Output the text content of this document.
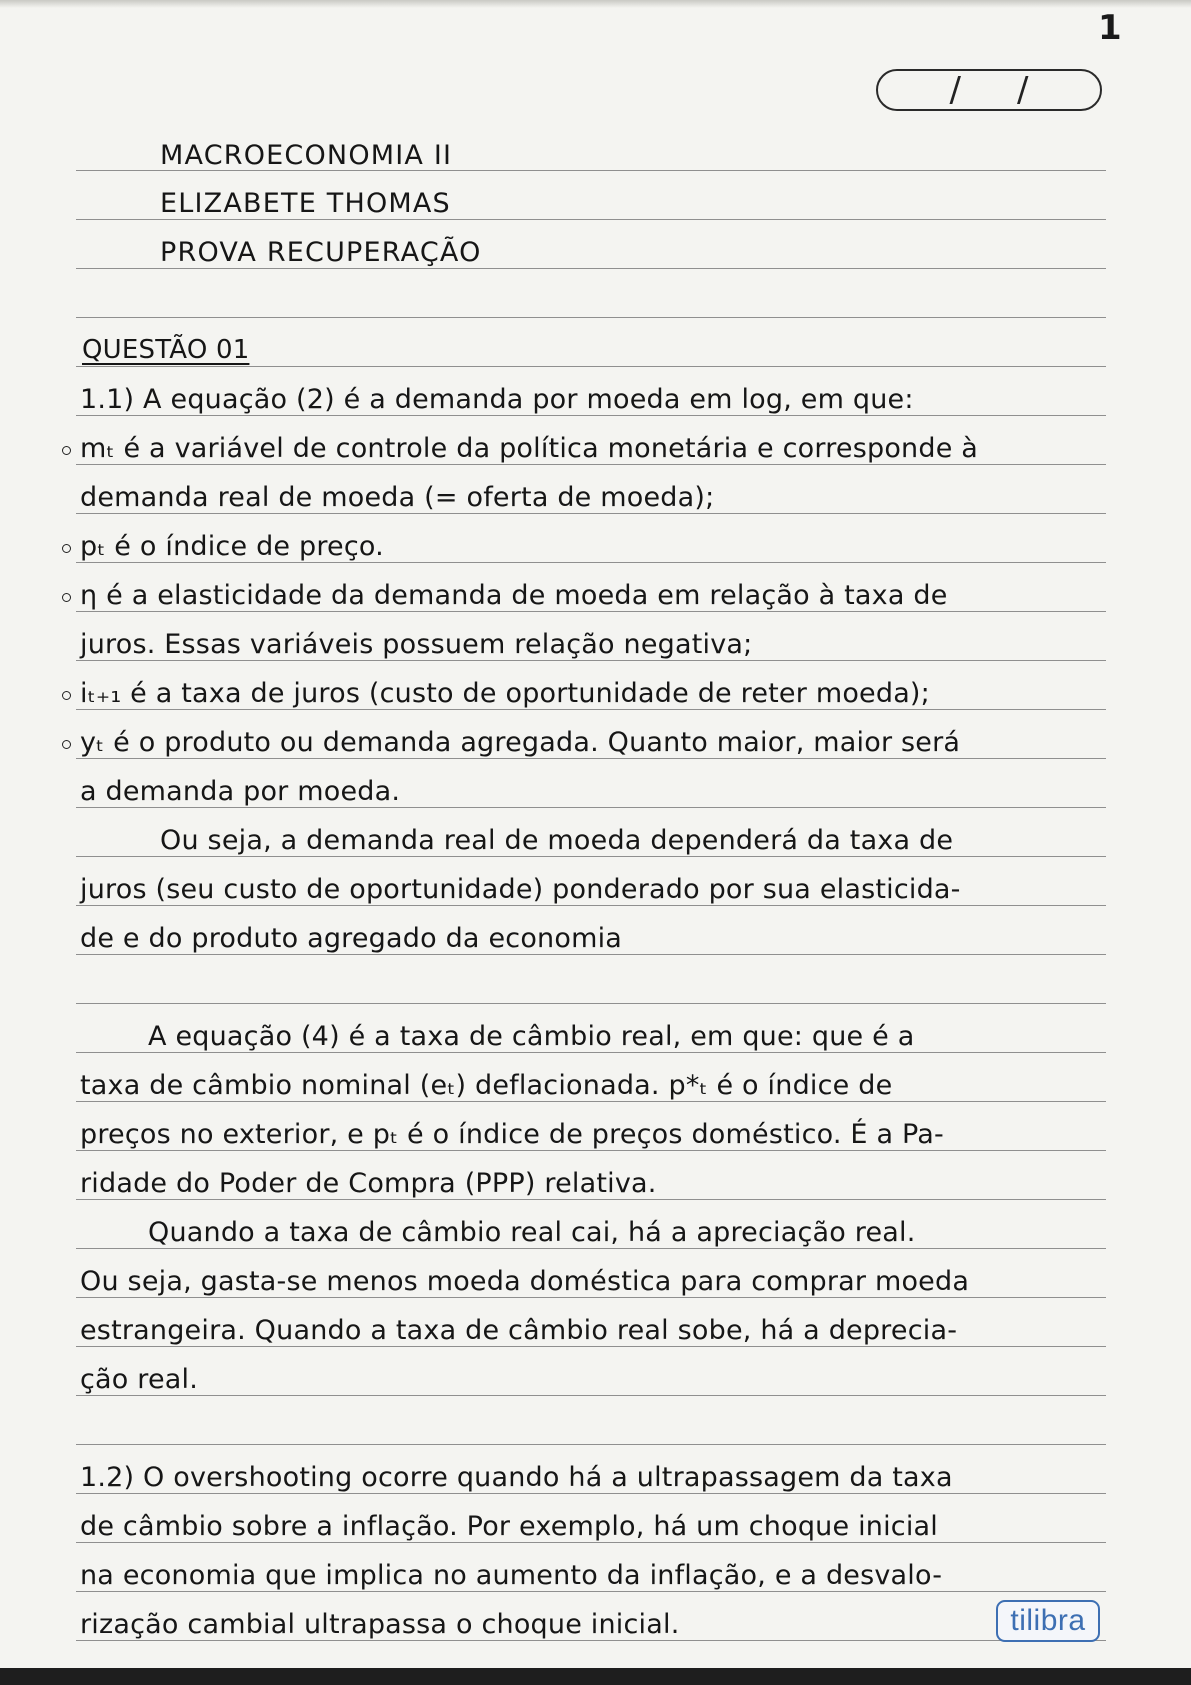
1
/ /
MACROECONOMIA II
ELIZABETE THOMAS
PROVA RECUPERAÇÃO
QUESTÃO 01
1.1) A equação (2) é a demanda por moeda em log, em que:
mₜ é a variável de controle da política monetária e corresponde à
demanda real de moeda (= oferta de moeda);
pₜ é o índice de preço.
η é a elasticidade da demanda de moeda em relação à taxa de
juros. Essas variáveis possuem relação negativa;
iₜ₊₁ é a taxa de juros (custo de oportunidade de reter moeda);
yₜ é o produto ou demanda agregada. Quanto maior, maior será
a demanda por moeda.
Ou seja, a demanda real de moeda dependerá da taxa de
juros (seu custo de oportunidade) ponderado por sua elasticida-
de e do produto agregado da economia
A equação (4) é a taxa de câmbio real, em que: que é a
taxa de câmbio nominal (eₜ) deflacionada. p*ₜ é o índice de
preços no exterior, e pₜ é o índice de preços doméstico. É a Pa-
ridade do Poder de Compra (PPP) relativa.
Quando a taxa de câmbio real cai, há a apreciação real.
Ou seja, gasta-se menos moeda doméstica para comprar moeda
estrangeira. Quando a taxa de câmbio real sobe, há a deprecia-
ção real.
1.2) O overshooting ocorre quando há a ultrapassagem da taxa
de câmbio sobre a inflação. Por exemplo, há um choque inicial
na economia que implica no aumento da inflação, e a desvalo-
rização cambial ultrapassa o choque inicial.	tilibra
